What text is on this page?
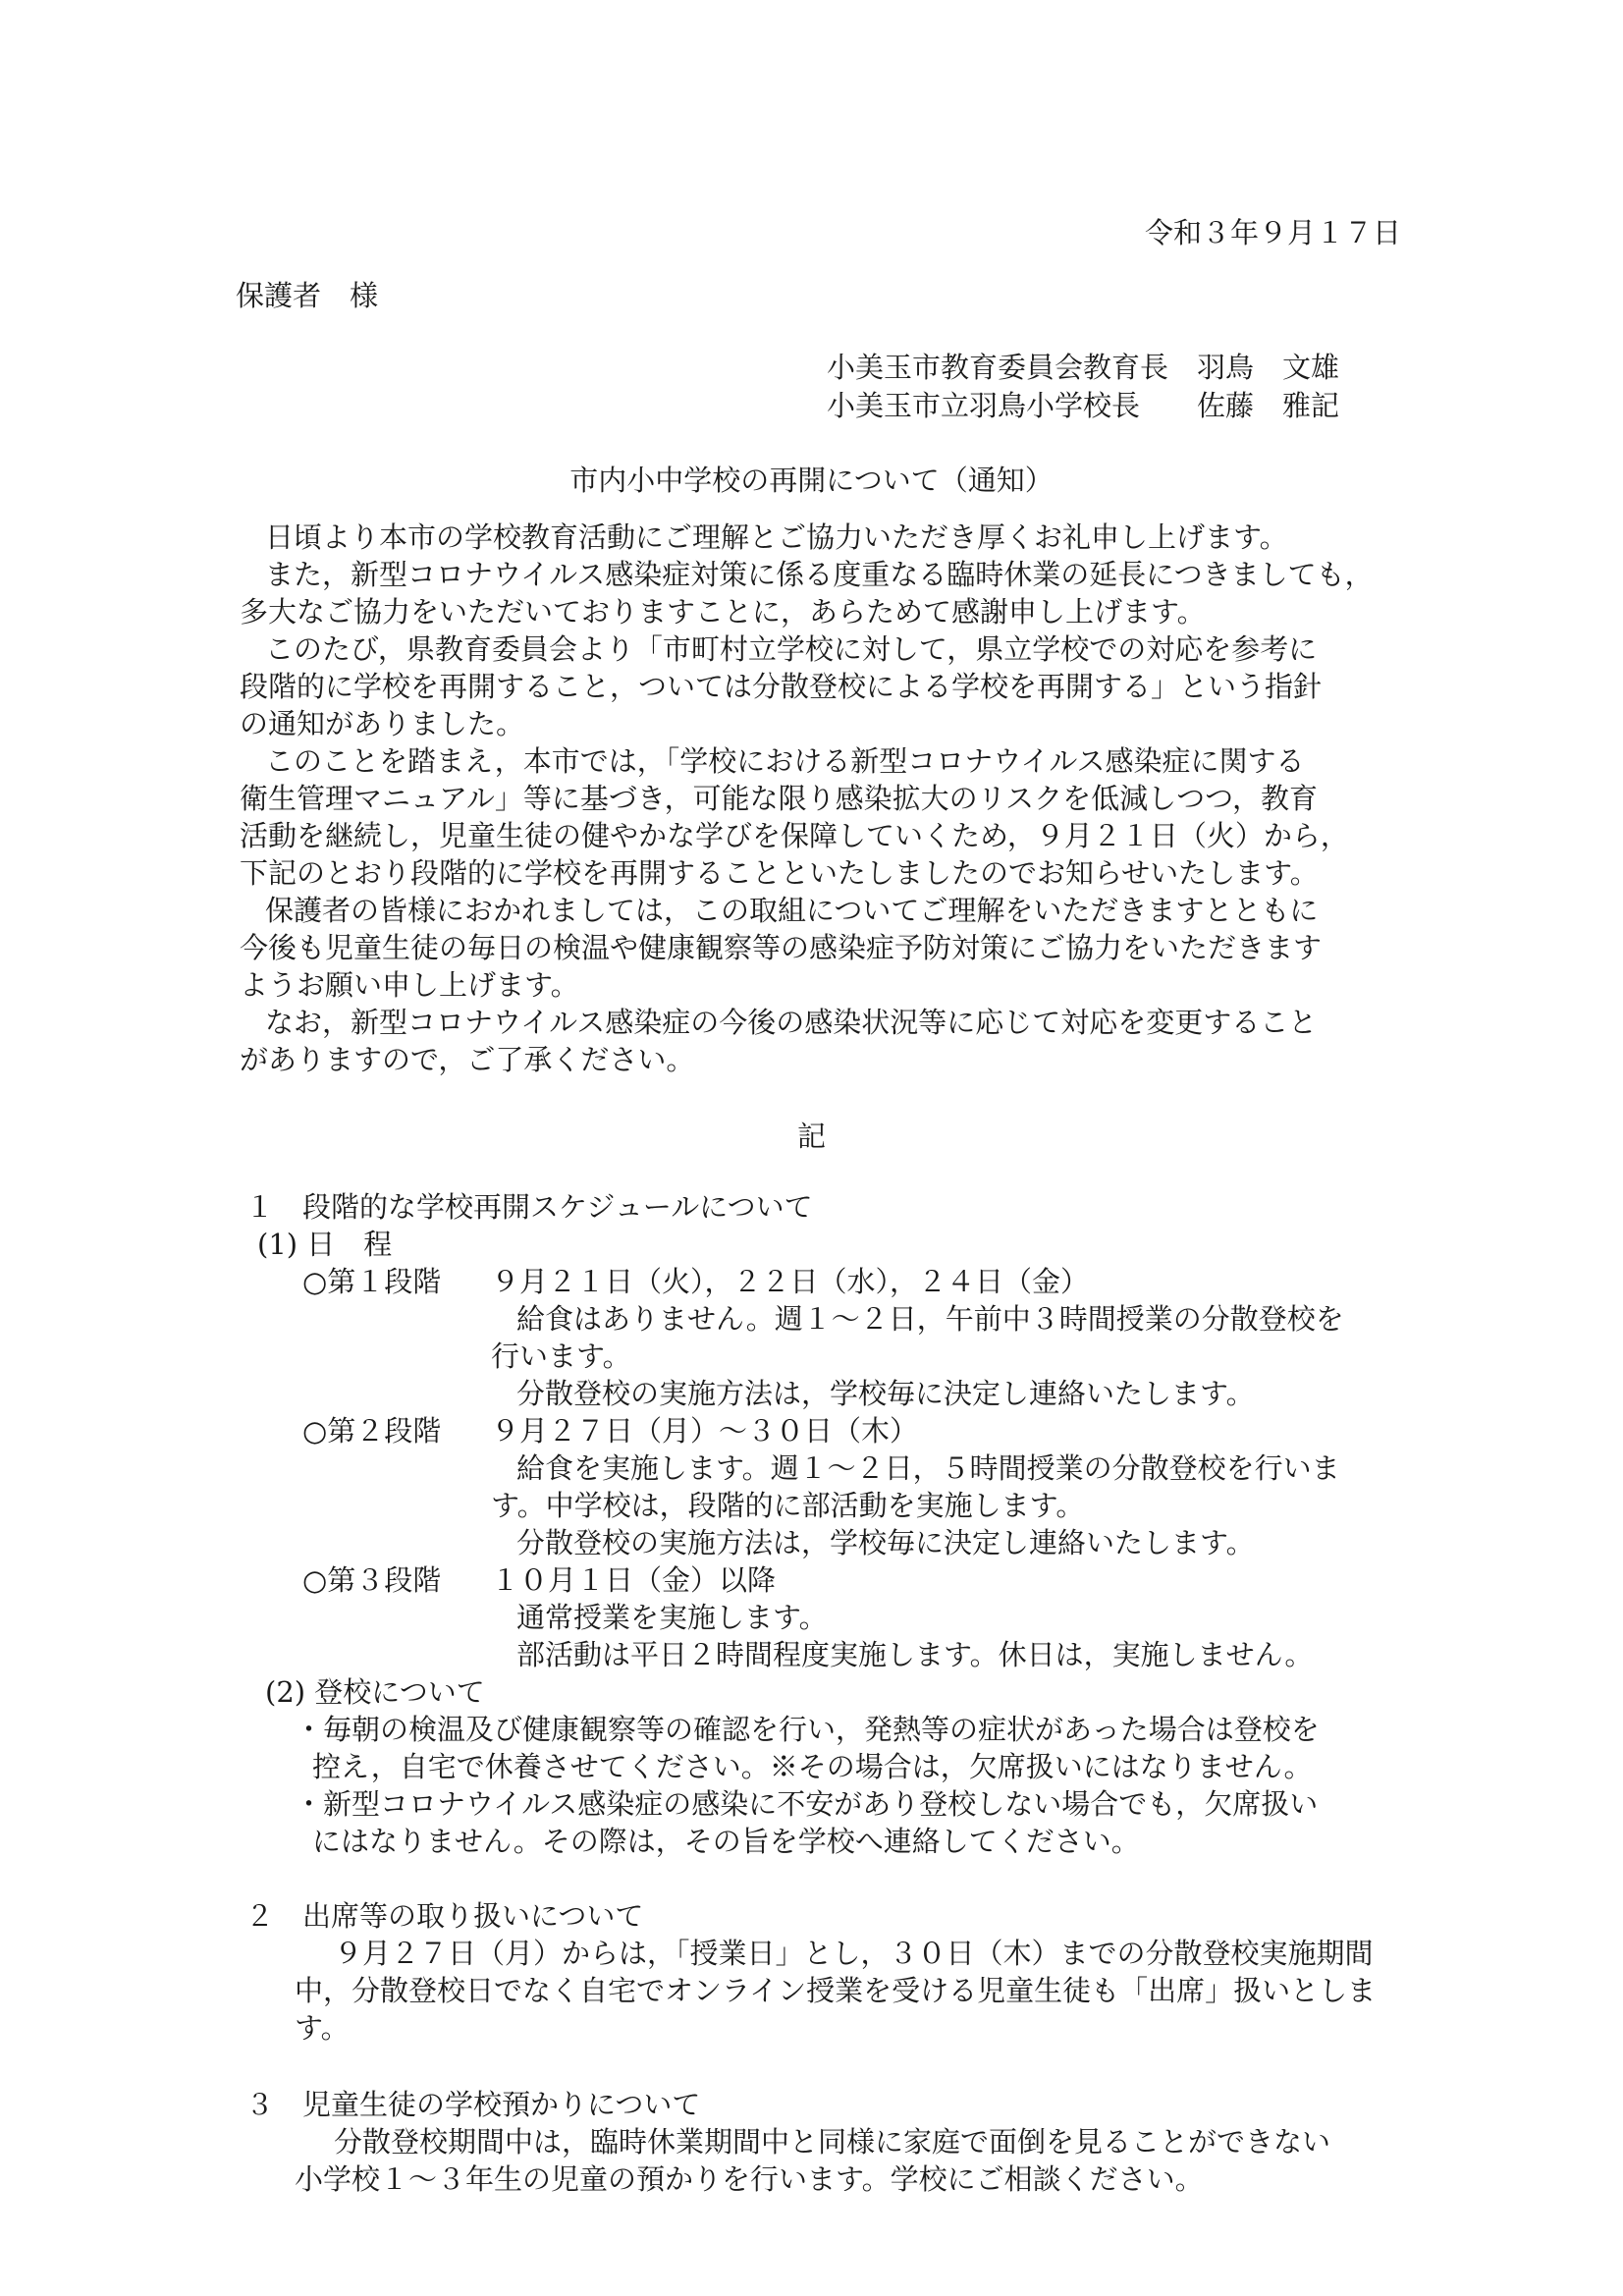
令和３年９月１７日
保護者　様
小美玉市教育委員会教育長　羽鳥　文雄
小美玉市立羽鳥小学校長　　佐藤　雅記
市内小中学校の再開について（通知）
日頃より本市の学校教育活動にご理解とご協力いただき厚くお礼申し上げます。
また，新型コロナウイルス感染症対策に係る度重なる臨時休業の延長につきましても，
多大なご協力をいただいておりますことに，あらためて感謝申し上げます。
このたび，県教育委員会より「市町村立学校に対して，県立学校での対応を参考に
段階的に学校を再開すること，ついては分散登校による学校を再開する」という指針
の通知がありました。
このことを踏まえ，本市では，「学校における新型コロナウイルス感染症に関する
衛生管理マニュアル」等に基づき，可能な限り感染拡大のリスクを低減しつつ，教育
活動を継続し，児童生徒の健やかな学びを保障していくため，９月２１日（火）から，
下記のとおり段階的に学校を再開することといたしましたのでお知らせいたします。
保護者の皆様におかれましては，この取組についてご理解をいただきますとともに
今後も児童生徒の毎日の検温や健康観察等の感染症予防対策にご協力をいただきます
ようお願い申し上げます。
なお，新型コロナウイルス感染症の今後の感染状況等に応じて対応を変更すること
がありますので，ご了承ください。
記
１　段階的な学校再開スケジュールについて
(1) 日　程
○第１段階 ９月２１日（火），２２日（水），２４日（金）
給食はありません。週１～２日，午前中３時間授業の分散登校を
行います。
分散登校の実施方法は，学校毎に決定し連絡いたします。
○第２段階 ９月２７日（月）～３０日（木）
給食を実施します。週１～２日，５時間授業の分散登校を行いま
す。中学校は，段階的に部活動を実施します。
分散登校の実施方法は，学校毎に決定し連絡いたします。
○第３段階 １０月１日（金）以降
通常授業を実施します。
部活動は平日２時間程度実施します。休日は，実施しません。
(2) 登校について
・毎朝の検温及び健康観察等の確認を行い，発熱等の症状があった場合は登校を
控え，自宅で休養させてください。※その場合は，欠席扱いにはなりません。
・新型コロナウイルス感染症の感染に不安があり登校しない場合でも，欠席扱い
にはなりません。その際は，その旨を学校へ連絡してください。
２　出席等の取り扱いについて
９月２７日（月）からは，「授業日」とし，３０日（木）までの分散登校実施期間
中，分散登校日でなく自宅でオンライン授業を受ける児童生徒も「出席」扱いとしま
す。
３　児童生徒の学校預かりについて
分散登校期間中は，臨時休業期間中と同様に家庭で面倒を見ることができない
小学校１～３年生の児童の預かりを行います。学校にご相談ください。
